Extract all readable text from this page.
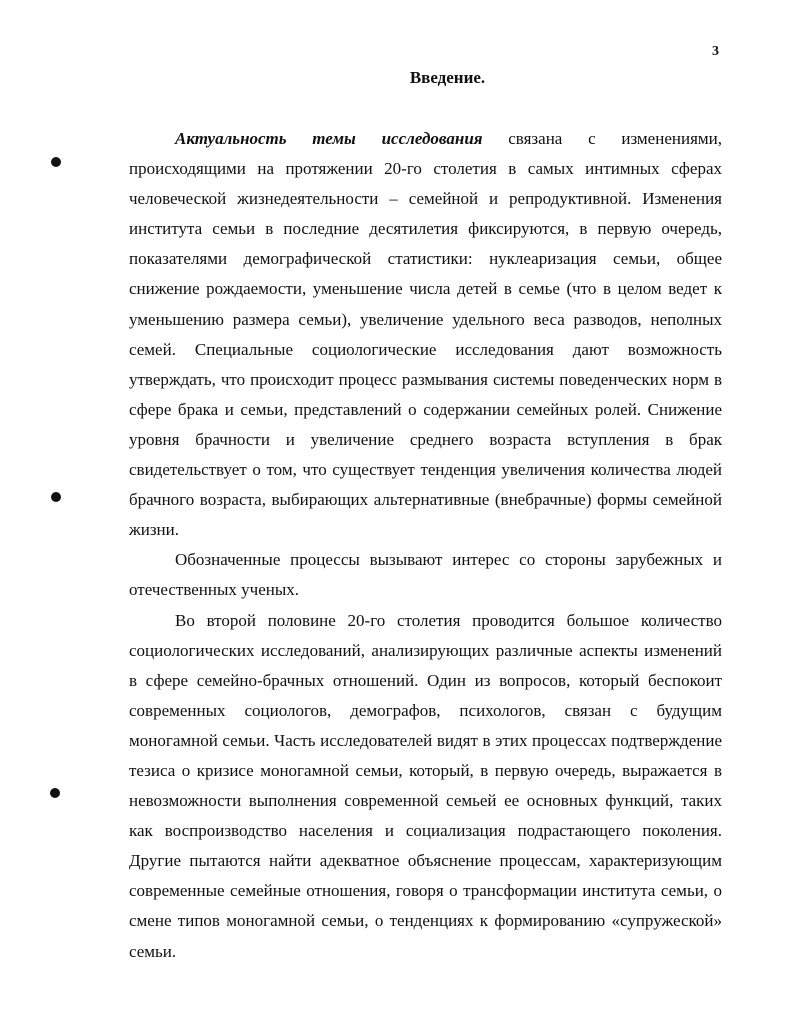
3
Введение.

Актуальность темы исследования связана с изменениями, происходящими на протяжении 20-го столетия в самых интимных сферах человеческой жизнедеятельности – семейной и репродуктивной. Изменения института семьи в последние десятилетия фиксируются, в первую очередь, показателями демографической статистики: нуклеаризация семьи, общее снижение рождаемости, уменьшение числа детей в семье (что в целом ведет к уменьшению размера семьи), увеличение удельного веса разводов, неполных семей. Специальные социологические исследования дают возможность утверждать, что происходит процесс размывания системы поведенческих норм в сфере брака и семьи, представлений о содержании семейных ролей. Снижение уровня брачности и увеличение среднего возраста вступления в брак свидетельствует о том, что существует тенденция увеличения количества людей брачного возраста, выбирающих альтернативные (внебрачные) формы семейной жизни.

Обозначенные процессы вызывают интерес со стороны зарубежных и отечественных ученых.

Во второй половине 20-го столетия проводится большое количество социологических исследований, анализирующих различные аспекты изменений в сфере семейно-брачных отношений. Один из вопросов, который беспокоит современных социологов, демографов, психологов, связан с будущим моногамной семьи. Часть исследователей видят в этих процессах подтверждение тезиса о кризисе моногамной семьи, который, в первую очередь, выражается в невозможности выполнения современной семьей ее основных функций, таких как воспроизводство населения и социализация подрастающего поколения. Другие пытаются найти адекватное объяснение процессам, характеризующим современные семейные отношения, говоря о трансформации института семьи, о смене типов моногамной семьи, о тенденциях к формированию «супружеской» семьи.
